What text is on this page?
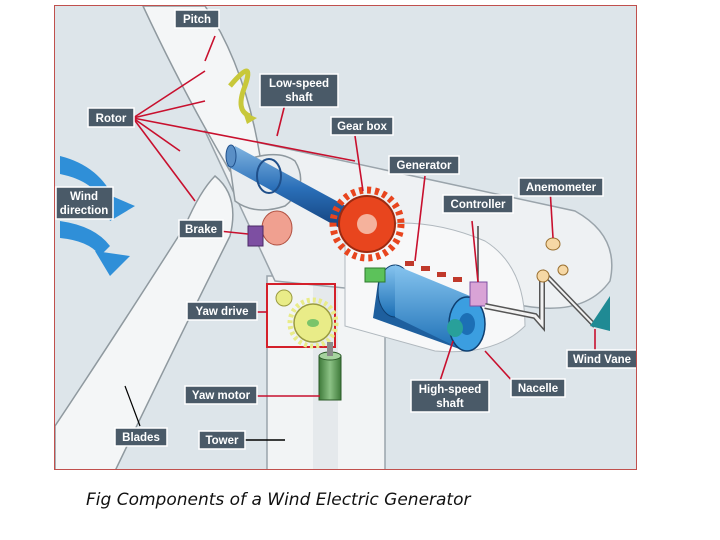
Pitch
Low-speed
shaft
Rotor
Gear box
Generator
Anemometer
Wind
direction	Controller
Brake
Yaw drive
Wind Vane
Yaw motor	High-speed
shaft
Nacelle
Blades	Tower
Fig Components of a Wind Electric Generator
